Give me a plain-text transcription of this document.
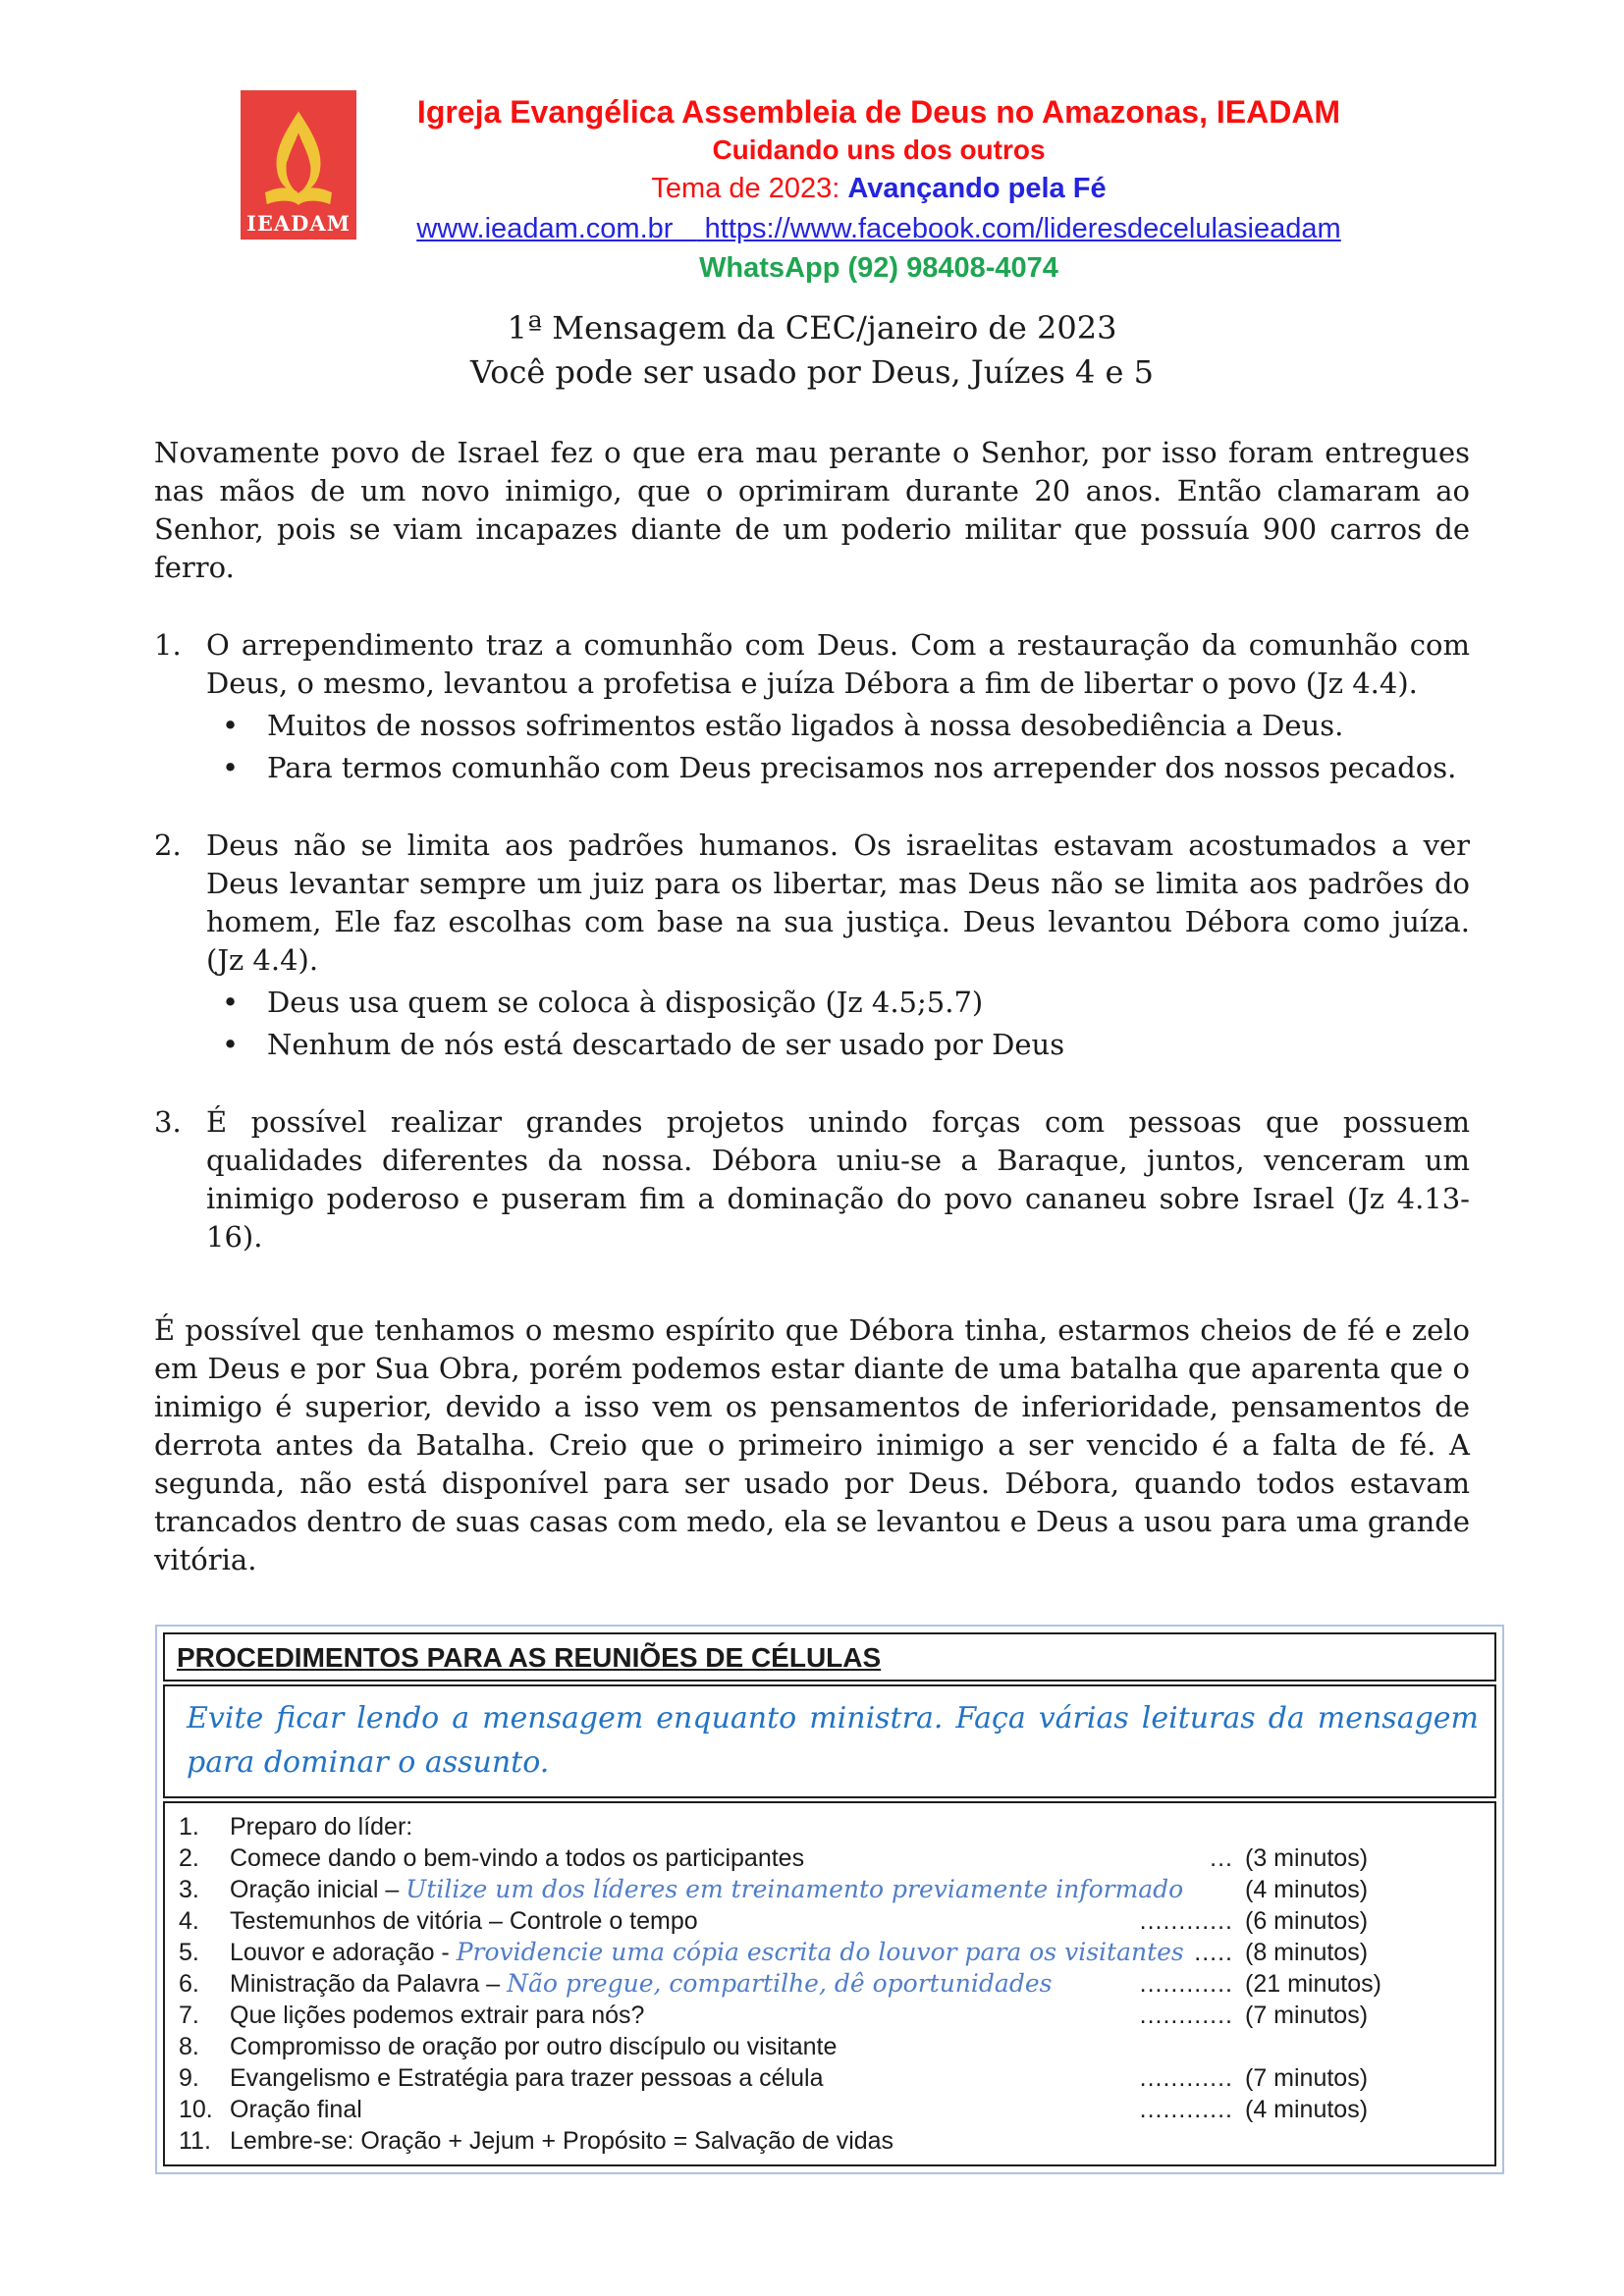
IEADAM
Igreja Evangélica Assembleia de Deus no Amazonas, IEADAM
Cuidando uns dos outros
Tema de 2023: Avançando pela Fé
www.ieadam.com.br https://www.facebook.com/lideresdecelulasieadam
WhatsApp (92) 98408-4074
1ª Mensagem da CEC/janeiro de 2023
Você pode ser usado por Deus, Juízes 4 e 5

Novamente povo de Israel fez o que era mau perante o Senhor, por isso foram entregues nas mãos de um novo inimigo, que o oprimiram durante 20 anos. Então clamaram ao Senhor, pois se viam incapazes diante de um poderio militar que possuía 900 carros de ferro.

1. O arrependimento traz a comunhão com Deus. Com a restauração da comunhão com Deus, o mesmo, levantou a profetisa e juíza Débora a fim de libertar o povo (Jz 4.4).
• Muitos de nossos sofrimentos estão ligados à nossa desobediência a Deus.
• Para termos comunhão com Deus precisamos nos arrepender dos nossos pecados.
2. Deus não se limita aos padrões humanos. Os israelitas estavam acostumados a ver Deus levantar sempre um juiz para os libertar, mas Deus não se limita aos padrões do homem, Ele faz escolhas com base na sua justiça. Deus levantou Débora como juíza. (Jz 4.4).
• Deus usa quem se coloca à disposição (Jz 4.5;5.7)
• Nenhum de nós está descartado de ser usado por Deus
3. É possível realizar grandes projetos unindo forças com pessoas que possuem qualidades diferentes da nossa. Débora uniu-se a Baraque, juntos, venceram um inimigo poderoso e puseram fim a dominação do povo cananeu sobre Israel (Jz 4.13-16).

É possível que tenhamos o mesmo espírito que Débora tinha, estarmos cheios de fé e zelo em Deus e por Sua Obra, porém podemos estar diante de uma batalha que aparenta que o inimigo é superior, devido a isso vem os pensamentos de inferioridade, pensamentos de derrota antes da Batalha. Creio que o primeiro inimigo a ser vencido é a falta de fé. A segunda, não está disponível para ser usado por Deus. Débora, quando todos estavam trancados dentro de suas casas com medo, ela se levantou e Deus a usou para uma grande vitória.

PROCEDIMENTOS PARA AS REUNIÕES DE CÉLULAS
Evite ficar lendo a mensagem enquanto ministra. Faça várias leituras da mensagem para dominar o assunto.
1.	Preparo do líder:
2.	Comece dando o bem-vindo a todos os participantes	... (3 minutos)
3.	Oração inicial – Utilize um dos líderes em treinamento previamente informado	(4 minutos)
4.	Testemunhos de vitória – Controle o tempo	............ (6 minutos)
5.	Louvor e adoração - Providencie uma cópia escrita do louvor para os visitantes ..... (8 minutos)
6.	Ministração da Palavra – Não pregue, compartilhe, dê oportunidades	............ (21 minutos)
7.	Que lições podemos extrair para nós?	............ (7 minutos)
8.	Compromisso de oração por outro discípulo ou visitante
9.	Evangelismo e Estratégia para trazer pessoas a célula	............ (7 minutos)
10. Oração final	............ (4 minutos)
11. Lembre-se: Oração + Jejum + Propósito = Salvação de vidas
